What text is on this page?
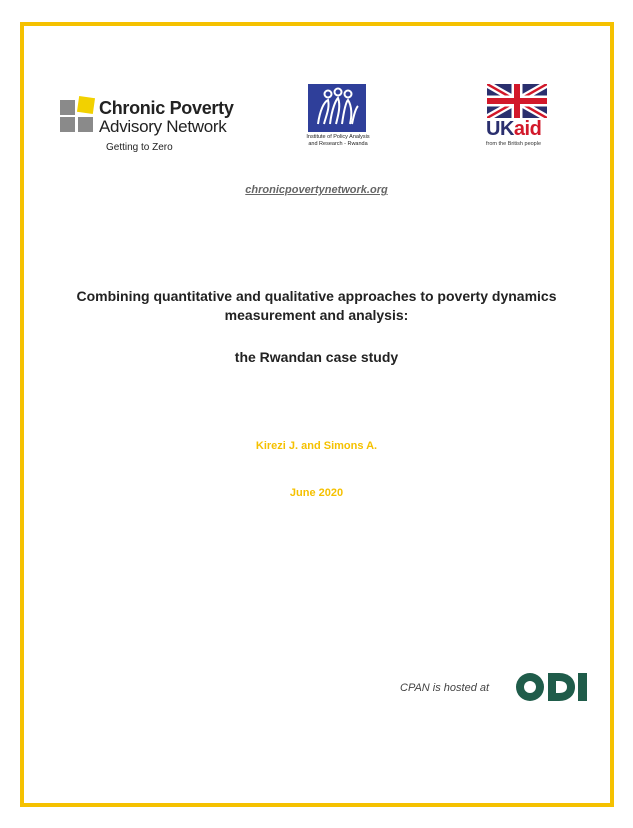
Chronic Poverty
Advisory Network
Getting to Zero
Institute of Policy Analysis
and Research - Rwanda
UKaid
from the British people
chronicpovertynetwork.org
Combining quantitative and qualitative approaches to poverty dynamics measurement and analysis:
the Rwandan case study
Kirezi J. and Simons A.
June 2020
CPAN is hosted at
